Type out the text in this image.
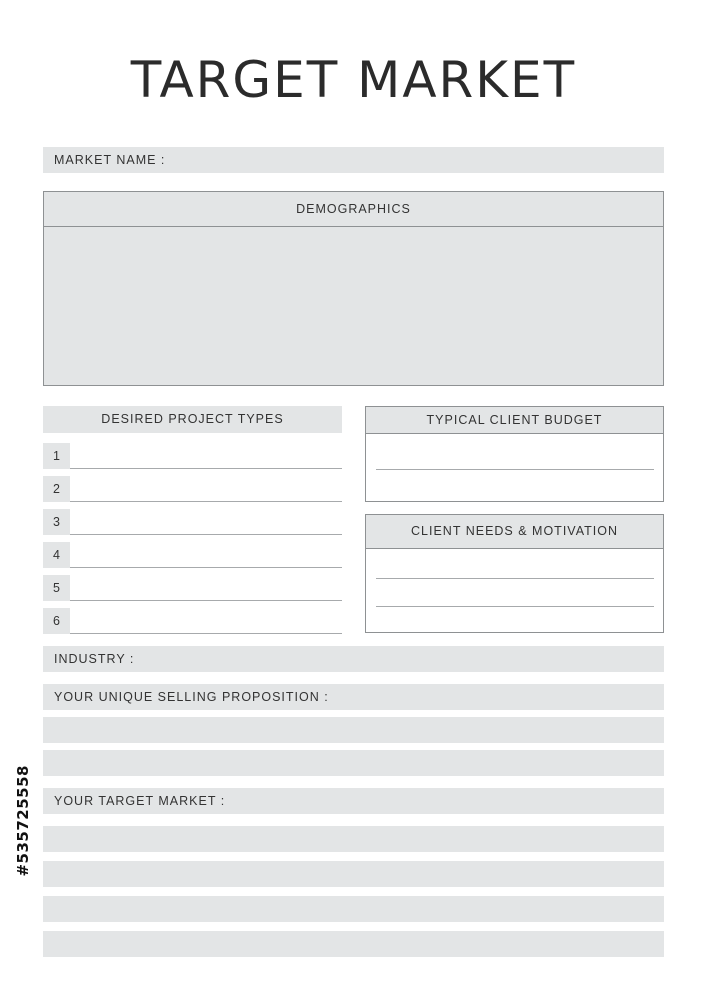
TARGET MARKET
MARKET NAME :
DEMOGRAPHICS
DESIRED PROJECT TYPES
1
2
3
4
5
6
TYPICAL CLIENT BUDGET
CLIENT NEEDS & MOTIVATION
INDUSTRY :
YOUR UNIQUE SELLING PROPOSITION :
YOUR TARGET MARKET :
#535725558
